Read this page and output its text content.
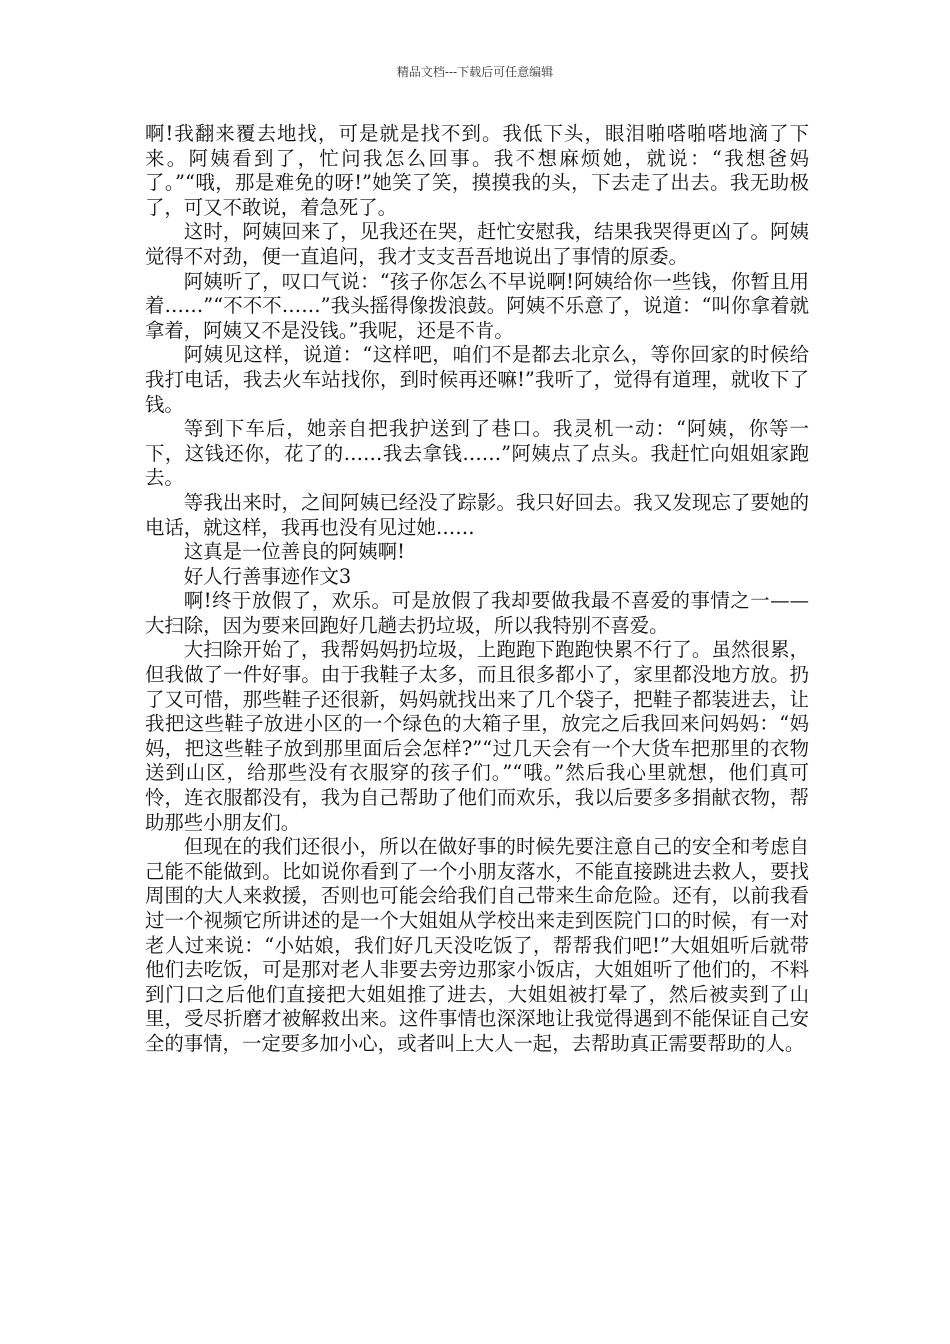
精品文档---下载后可任意编辑

啊!我翻来覆去地找，可是就是找不到。我低下头，眼泪啪嗒啪嗒地滴了下来。阿姨看到了，忙问我怎么回事。我不想麻烦她，就说：“我想爸妈了。”“哦，那是难免的呀!”她笑了笑，摸摸我的头，下去走了出去。我无助极了，可又不敢说，着急死了。

这时，阿姨回来了，见我还在哭，赶忙安慰我，结果我哭得更凶了。阿姨觉得不对劲，便一直追问，我才支支吾吾地说出了事情的原委。

阿姨听了，叹口气说：“孩子你怎么不早说啊!阿姨给你一些钱，你暂且用着……”“不不不……”我头摇得像拨浪鼓。阿姨不乐意了，说道：“叫你拿着就拿着，阿姨又不是没钱。”我呢，还是不肯。

阿姨见这样，说道：“这样吧，咱们不是都去北京么，等你回家的时候给我打电话，我去火车站找你，到时候再还嘛!”我听了，觉得有道理，就收下了钱。

等到下车后，她亲自把我护送到了巷口。我灵机一动：“阿姨，你等一下，这钱还你，花了的……我去拿钱……”阿姨点了点头。我赶忙向姐姐家跑去。

等我出来时，之间阿姨已经没了踪影。我只好回去。我又发现忘了要她的电话，就这样，我再也没有见过她……

这真是一位善良的阿姨啊!

好人行善事迹作文3

啊!终于放假了，欢乐。可是放假了我却要做我最不喜爱的事情之一——大扫除，因为要来回跑好几趟去扔垃圾，所以我特别不喜爱。

大扫除开始了，我帮妈妈扔垃圾，上跑跑下跑跑快累不行了。虽然很累，但我做了一件好事。由于我鞋子太多，而且很多都小了，家里都没地方放。扔了又可惜，那些鞋子还很新，妈妈就找出来了几个袋子，把鞋子都装进去，让我把这些鞋子放进小区的一个绿色的大箱子里，放完之后我回来问妈妈：“妈妈，把这些鞋子放到那里面后会怎样?”“过几天会有一个大货车把那里的衣物送到山区，给那些没有衣服穿的孩子们。”“哦。”然后我心里就想，他们真可怜，连衣服都没有，我为自己帮助了他们而欢乐，我以后要多多捐献衣物，帮助那些小朋友们。

但现在的我们还很小，所以在做好事的时候先要注意自己的安全和考虑自己能不能做到。比如说你看到了一个小朋友落水，不能直接跳进去救人，要找周围的大人来救援，否则也可能会给我们自己带来生命危险。还有，以前我看过一个视频它所讲述的是一个大姐姐从学校出来走到医院门口的时候，有一对老人过来说：“小姑娘，我们好几天没吃饭了，帮帮我们吧!”大姐姐听后就带他们去吃饭，可是那对老人非要去旁边那家小饭店，大姐姐听了他们的，不料到门口之后他们直接把大姐姐推了进去，大姐姐被打晕了，然后被卖到了山里，受尽折磨才被解救出来。这件事情也深深地让我觉得遇到不能保证自己安全的事情，一定要多加小心，或者叫上大人一起，去帮助真正需要帮助的人。
